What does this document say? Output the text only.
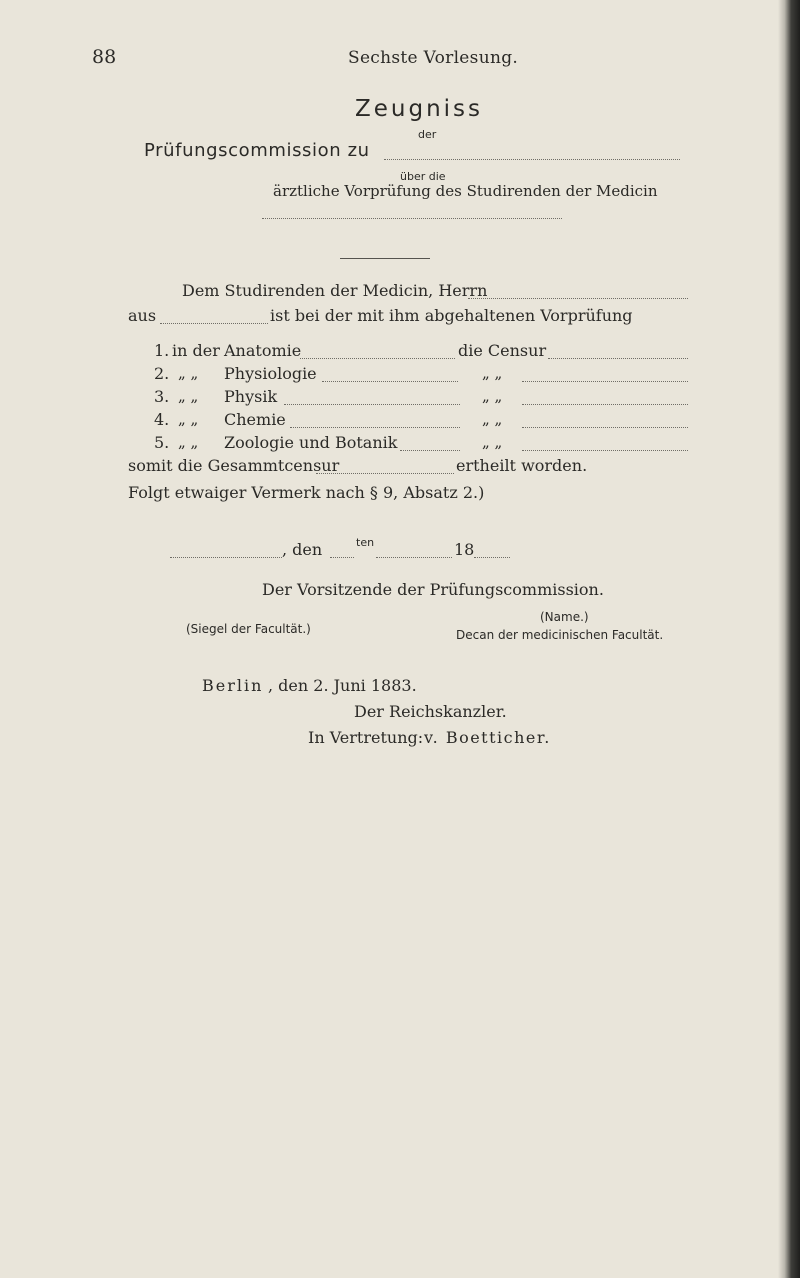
88	Sechste Vorlesung.
Zeugniss
der
Prüfungscommission zu
über die
ärztliche Vorprüfung des Studirenden der Medicin
Dem Studirenden der Medicin, Herrn
aus	ist bei der mit ihm abgehaltenen Vorprüfung
1. in der Anatomie	die Censur
2. „ „ Physiologie	„ „
3. „ „ Physik	„ „
4. „ „ Chemie	„ „
5. „ „ Zoologie und Botanik	„ „
somit die Gesammtcensur	ertheilt worden.
Folgt etwaiger Vermerk nach § 9, Absatz 2.)
, den	ten	18
Der Vorsitzende der Prüfungscommission.
(Siegel der Facultät.)
(Name.)
Decan der medicinischen Facultät.
Berlin , den 2. Juni 1883.
Der Reichskanzler.
In Vertretung: v. Boetticher.
